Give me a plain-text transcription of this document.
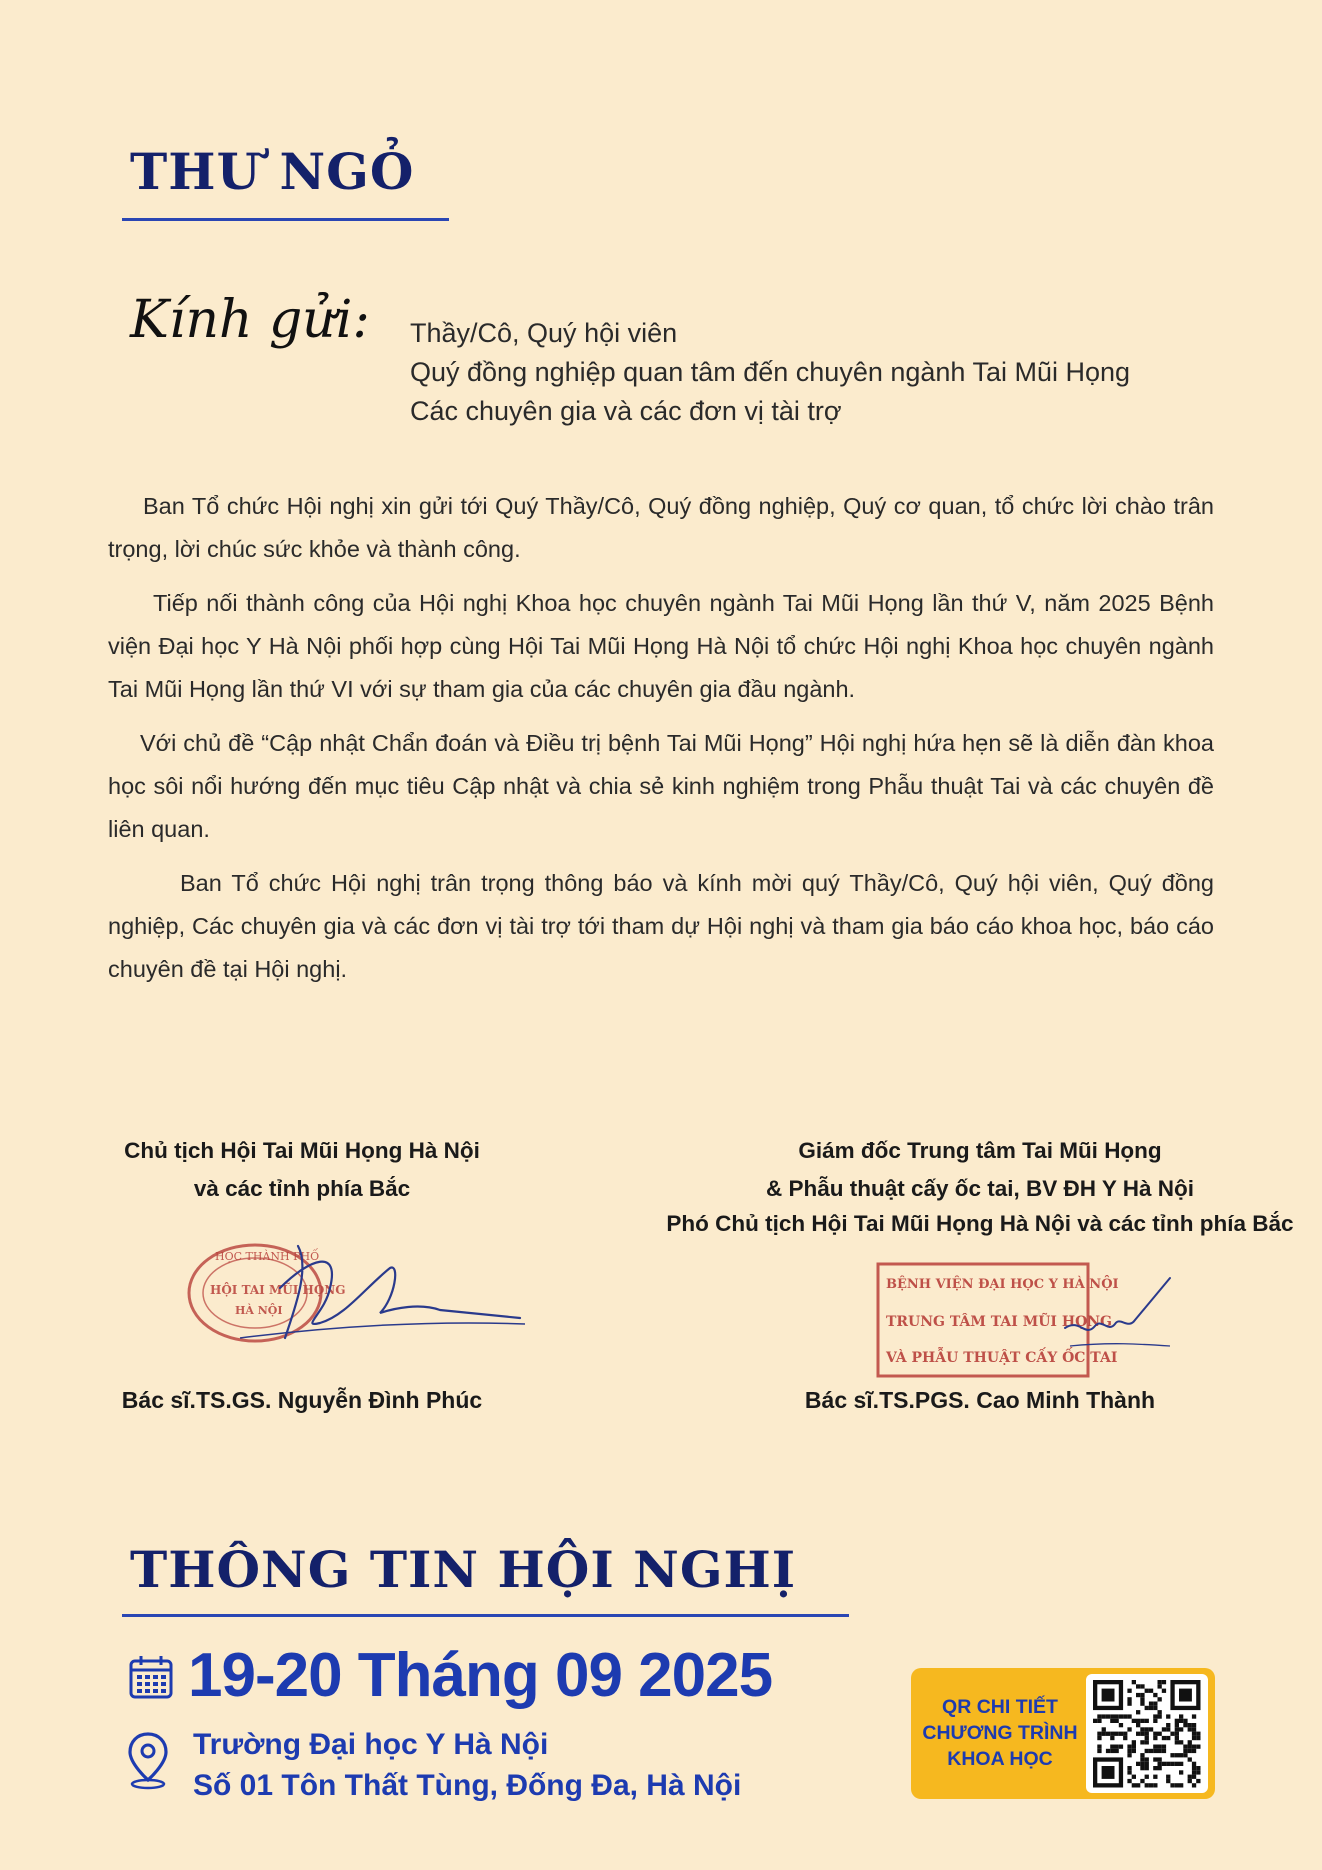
THƯ NGỎ
Kính gửi: Thầy/Cô, Quý hội viên
Quý đồng nghiệp quan tâm đến chuyên ngành Tai Mũi Họng
Các chuyên gia và các đơn vị tài trợ

Ban Tổ chức Hội nghị xin gửi tới Quý Thầy/Cô, Quý đồng nghiệp, Quý cơ quan, tổ chức lời chào trân trọng, lời chúc sức khỏe và thành công.

Tiếp nối thành công của Hội nghị Khoa học chuyên ngành Tai Mũi Họng lần thứ V, năm 2025 Bệnh viện Đại học Y Hà Nội phối hợp cùng Hội Tai Mũi Họng Hà Nội tổ chức Hội nghị Khoa học chuyên ngành Tai Mũi Họng lần thứ VI với sự tham gia của các chuyên gia đầu ngành.

Với chủ đề “Cập nhật Chẩn đoán và Điều trị bệnh Tai Mũi Họng” Hội nghị hứa hẹn sẽ là diễn đàn khoa học sôi nổi hướng đến mục tiêu Cập nhật và chia sẻ kinh nghiệm trong Phẫu thuật Tai và các chuyên đề liên quan.

Ban Tổ chức Hội nghị trân trọng thông báo và kính mời quý Thầy/Cô, Quý hội viên, Quý đồng nghiệp, Các chuyên gia và các đơn vị tài trợ tới tham dự Hội nghị và tham gia báo cáo khoa học, báo cáo chuyên đề tại Hội nghị.

Chủ tịch Hội Tai Mũi Họng Hà Nội
và các tỉnh phía Bắc
HỌC THÀNH PHỐ
HỘI TAI MŨI HỌNG
HÀ NỘI
Bác sĩ.TS.GS. Nguyễn Đình Phúc
Giám đốc Trung tâm Tai Mũi Họng
& Phẫu thuật cấy ốc tai, BV ĐH Y Hà Nội
Phó Chủ tịch Hội Tai Mũi Họng Hà Nội và các tỉnh phía Bắc
BỆNH VIỆN ĐẠI HỌC Y HÀ NỘI
TRUNG TÂM TAI MŨI HỌNG
VÀ PHẪU THUẬT CẤY ỐC TAI
Bác sĩ.TS.PGS. Cao Minh Thành
THÔNG TIN HỘI NGHỊ
19-20 Tháng 09 2025
Trường Đại học Y Hà Nội
Số 01 Tôn Thất Tùng, Đống Đa, Hà Nội
QR CHI TIẾT
CHƯƠNG TRÌNH
KHOA HỌC
